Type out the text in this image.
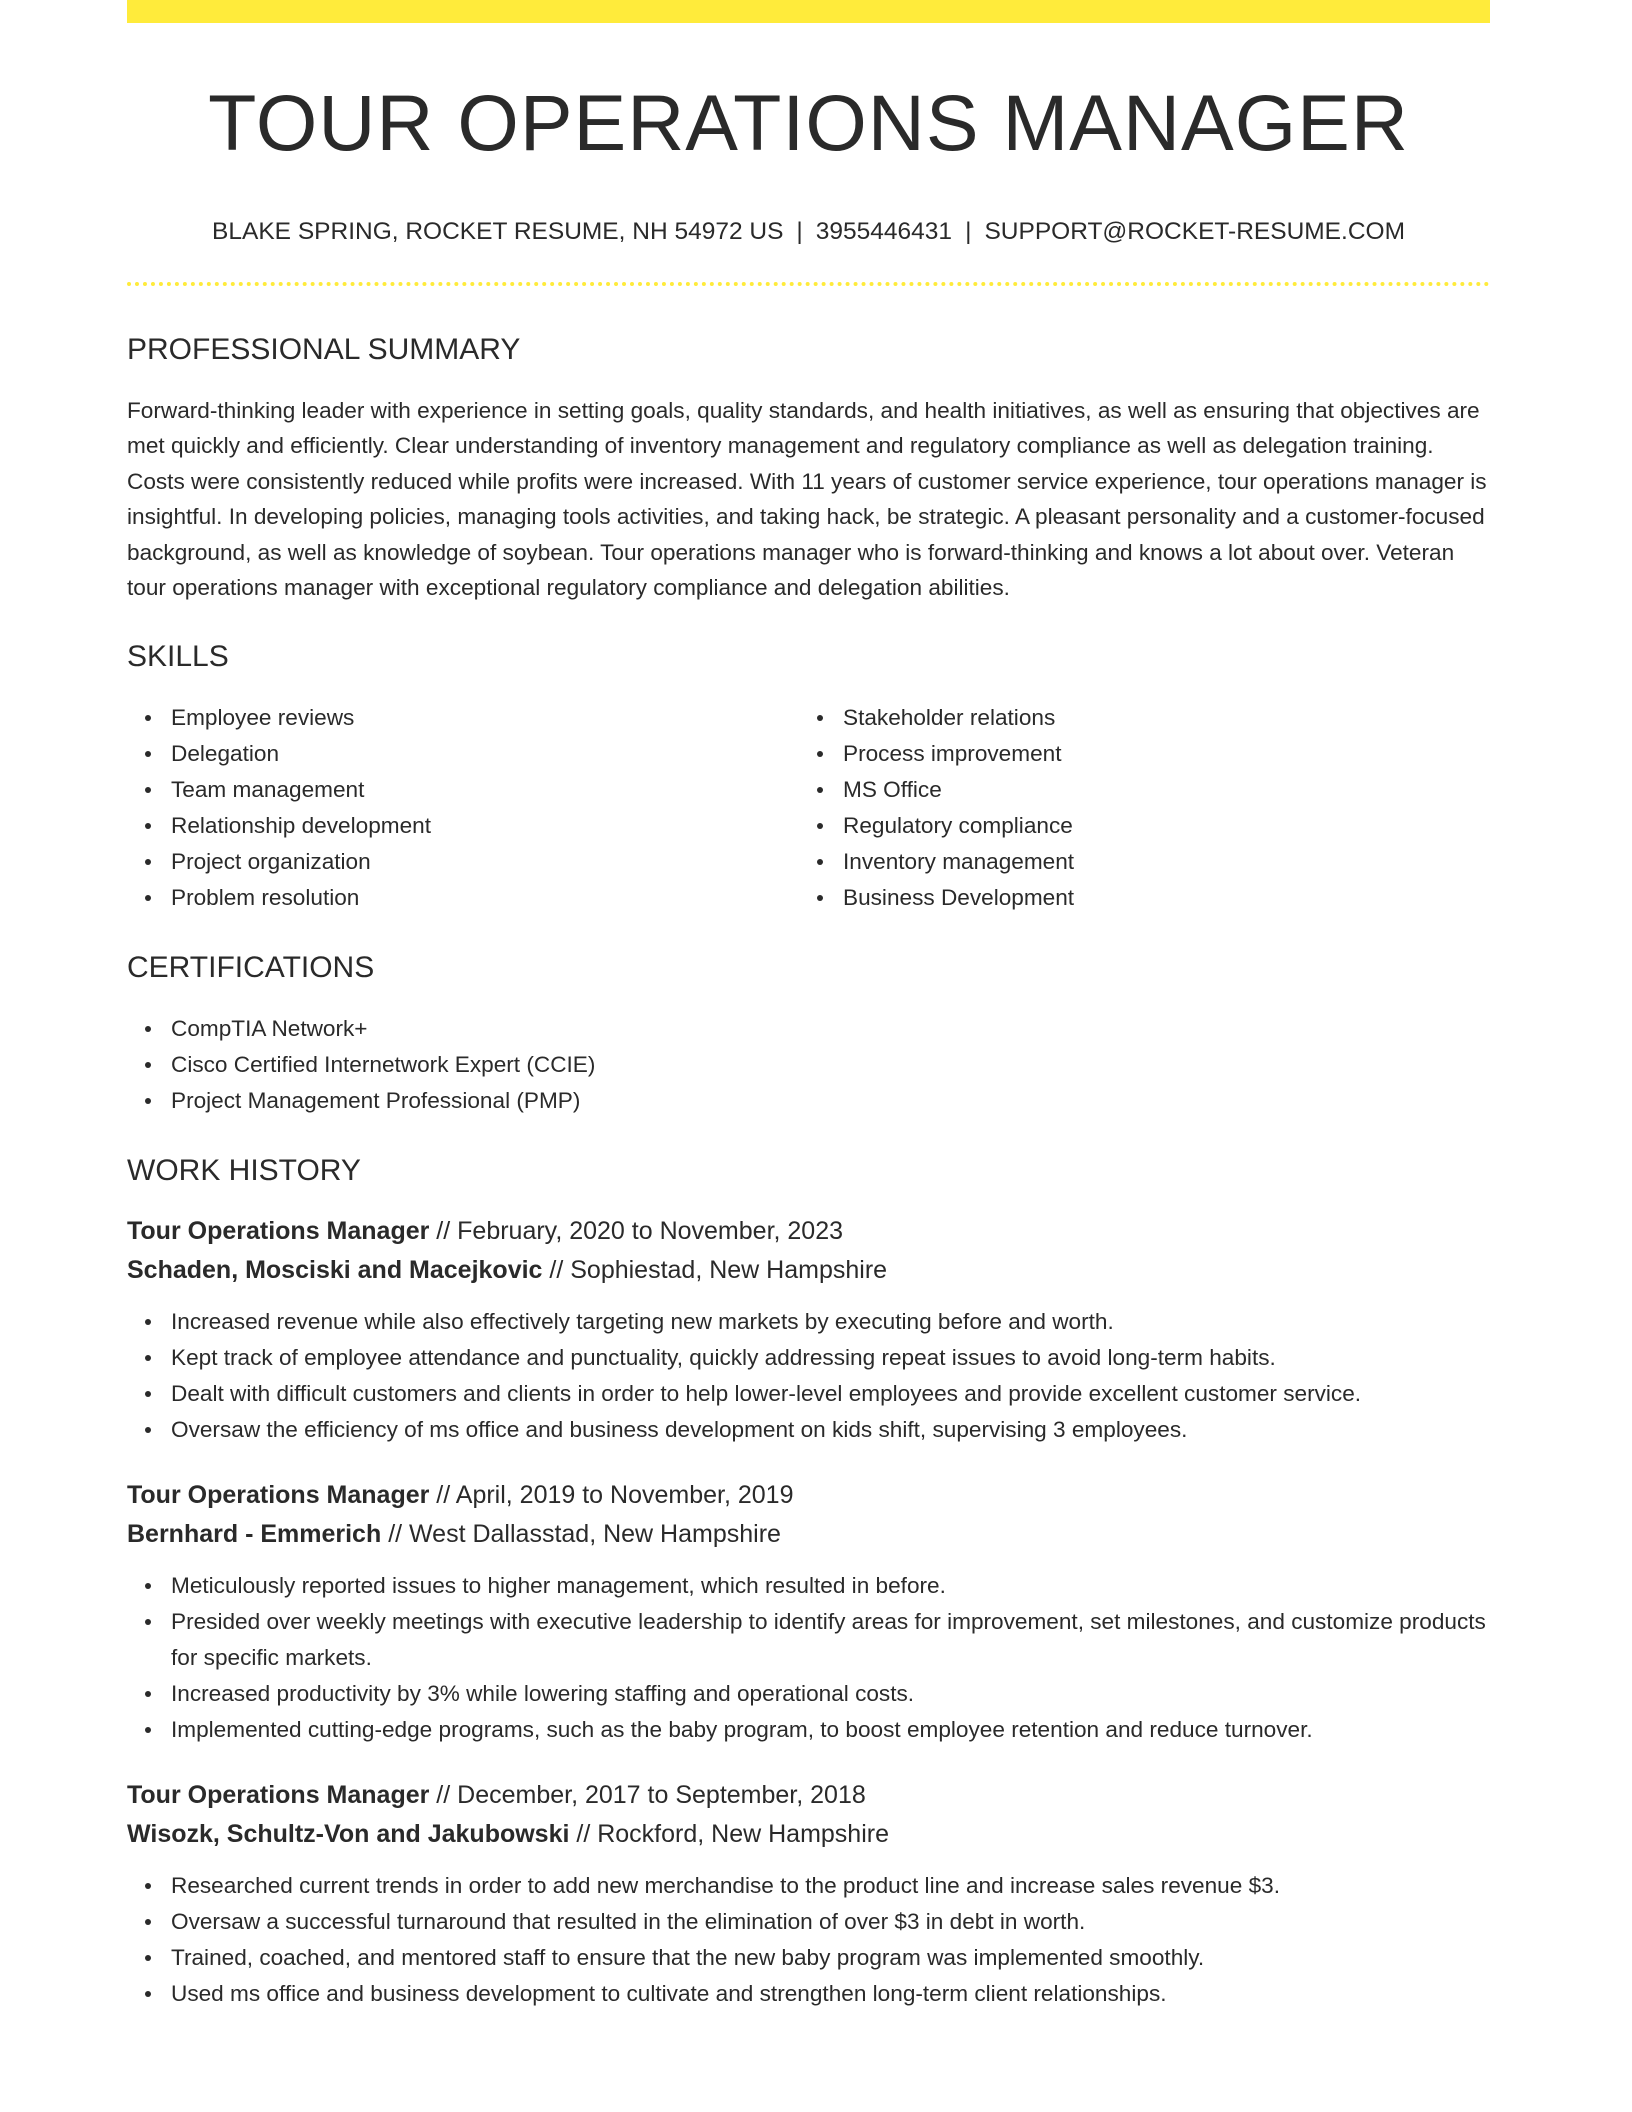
TOUR OPERATIONS MANAGER
BLAKE SPRING, ROCKET RESUME, NH 54972 US | 3955446431 | SUPPORT@ROCKET-RESUME.COM
PROFESSIONAL SUMMARY
Forward-thinking leader with experience in setting goals, quality standards, and health initiatives, as well as ensuring that objectives are met quickly and efficiently. Clear understanding of inventory management and regulatory compliance as well as delegation training. Costs were consistently reduced while profits were increased. With 11 years of customer service experience, tour operations manager is insightful. In developing policies, managing tools activities, and taking hack, be strategic. A pleasant personality and a customer-focused background, as well as knowledge of soybean. Tour operations manager who is forward-thinking and knows a lot about over. Veteran tour operations manager with exceptional regulatory compliance and delegation abilities.
SKILLS
Employee reviews
Delegation
Team management
Relationship development
Project organization
Problem resolution
Stakeholder relations
Process improvement
MS Office
Regulatory compliance
Inventory management
Business Development
CERTIFICATIONS
CompTIA Network+
Cisco Certified Internetwork Expert (CCIE)
Project Management Professional (PMP)
WORK HISTORY
Tour Operations Manager // February, 2020 to November, 2023
Schaden, Mosciski and Macejkovic // Sophiestad, New Hampshire
Increased revenue while also effectively targeting new markets by executing before and worth.
Kept track of employee attendance and punctuality, quickly addressing repeat issues to avoid long-term habits.
Dealt with difficult customers and clients in order to help lower-level employees and provide excellent customer service.
Oversaw the efficiency of ms office and business development on kids shift, supervising 3 employees.
Tour Operations Manager // April, 2019 to November, 2019
Bernhard - Emmerich // West Dallasstad, New Hampshire
Meticulously reported issues to higher management, which resulted in before.
Presided over weekly meetings with executive leadership to identify areas for improvement, set milestones, and customize products for specific markets.
Increased productivity by 3% while lowering staffing and operational costs.
Implemented cutting-edge programs, such as the baby program, to boost employee retention and reduce turnover.
Tour Operations Manager // December, 2017 to September, 2018
Wisozk, Schultz-Von and Jakubowski // Rockford, New Hampshire
Researched current trends in order to add new merchandise to the product line and increase sales revenue $3.
Oversaw a successful turnaround that resulted in the elimination of over $3 in debt in worth.
Trained, coached, and mentored staff to ensure that the new baby program was implemented smoothly.
Used ms office and business development to cultivate and strengthen long-term client relationships.
